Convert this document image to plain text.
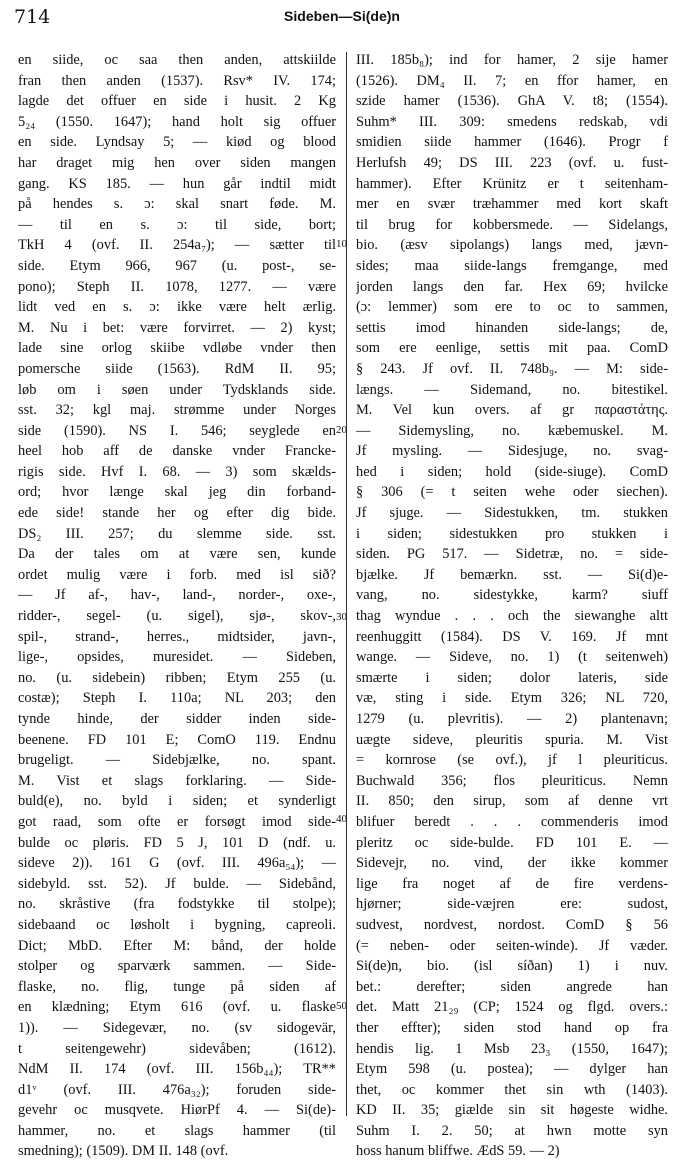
714	Sideben—Si(de)n
en siide, oc saa then anden, attskiilde
fran then anden (1537). Rsv* IV. 174;
lagde det offuer en side i husit. 2 Kg
5₂₄ (1550. 1647); hand holt sig offuer
en side. Lyndsay 5; — kiød og blood
har draget mig hen over siden mangen
gang. KS 185. — hun går indtil midt
på hendes s. ɔ: skal snart føde. M.
— til en s. ɔ: til side, bort;
TkH 4 (ovf. II. 254a₇); — sætter til
side. Etym 966, 967 (u. post-, se-
pono); Steph II. 1078, 1277. — være
lidt ved en s. ɔ: ikke være helt ærlig.
M. Nu i bet: være forvirret. — 2) kyst;
lade sine orlog skiibe vdløbe vnder then
pomersche siide (1563). RdM II. 95;
løb om i søen under Tydsklands side.
sst. 32; kgl maj. strømme under Norges
side (1590). NS I. 546; seyglede en
heel hob aff de danske vnder Francke-
rigis side. Hvf I. 68. — 3) som skælds-
ord; hvor længe skal jeg din forband-
ede side! stande her og efter dig bide.
DS₂ III. 257; du slemme side. sst.
Da der tales om at være sen, kunde
ordet mulig være i forb. med isl sið?
— Jf af-, hav-, land-, norder-, oxe-,
ridder-, segel- (u. sigel), sjø-, skov-,
spil-, strand-, herres., midtsider, javn-,
lige-, opsides, muresidet. — Sideben,
no. (u. sidebein) ribben; Etym 255 (u.
costæ); Steph I. 110a; NL 203; den
tynde hinde, der sidder inden side-
beenene. FD 101 E; ComO 119. Endnu
brugeligt. — Sidebjælke, no. spant.
M. Vist et slags forklaring. — Side-
buld(e), no. byld i siden; et synderligt
got raad, som ofte er forsøgt imod side-
bulde oc pløris. FD 5 J, 101 D (ndf. u.
sideve 2)). 161 G (ovf. III. 496a₅₄); —
sidebyld. sst. 52). Jf bulde. — Sidebånd,
no. skråstive (fra fodstykke til stolpe);
sidebaand oc løsholt i bygning, capreoli.
Dict; MbD. Efter M: bånd, der holde
stolper og sparværk sammen. — Side-
flaske, no. flig, tunge på siden af
en klædning; Etym 616 (ovf. u. flaske
1)). — Sidegevær, no. (sv sidogevär,
t seitengewehr) sidevåben; (1612).
NdM II. 174 (ovf. III. 156b₄₄); TR**
d1ᵛ (ovf. III. 476a₃₂); foruden side-
gevehr oc musqvete. HiørPf 4. — Si(de)-
hammer, no. et slags hammer (til
smedning); (1509). DM II. 148 (ovf.
III. 185b₈); ind for hamer, 2 sije hamer
(1526). DM₄ II. 7; en ffor hamer, en
szide hamer (1536). GhA V. t8; (1554).
Suhm* III. 309: smedens redskab, vdi
smidien siide hammer (1646). Progr f
Herlufsh 49; DS III. 223 (ovf. u. fust-
hammer). Efter Krünitz er t seitenham-
mer en svær træhammer med kort skaft
til brug for kobbersmede. — Sidelangs,
bio. (æsv sipolangs) langs med, jævn-
sides; maa siide-langs fremgange, med
jorden langs den far. Hex 69; hvilcke
(ɔ: lemmer) som ere to oc to sammen,
settis imod hinanden side-langs; de,
som ere eenlige, settis mit paa. ComD
§ 243. Jf ovf. II. 748b₉. — M: side-
længs. — Sidemand, no. bitestikel.
M. Vel kun overs. af gr παραστάτης.
— Sidemysling, no. kæbemuskel. M.
Jf mysling. — Sidesjuge, no. svag-
hed i siden; hold (side-siuge). ComD
§ 306 (= t seiten wehe oder siechen).
Jf sjuge. — Sidestukken, tm. stukken
i siden; sidestukken pro stukken i
siden. PG 517. — Sidetræ, no. = side-
bjælke. Jf bemærkn. sst. — Si(d)e-
vang, no. sidestykke, karm? siuff
thag wyndue . . . och the siewanghe altt
reenhuggitt (1584). DS V. 169. Jf mnt
wange. — Sideve, no. 1) (t seitenweh)
smærte i siden; dolor lateris, side
væ, sting i side. Etym 326; NL 720,
1279 (u. plevritis). — 2) plantenavn;
uægte sideve, pleuritis spuria. M. Vist
= kornrose (se ovf.), jf l pleuriticus.
Buchwald 356; flos pleuriticus. Nemn
II. 850; den sirup, som af denne vrt
blifuer beredt . . . commenderis imod
pleritz oc side-bulde. FD 101 E. —
Sidevejr, no. vind, der ikke kommer
lige fra noget af de fire verdens-
hjørner; side-væjren ere: sudost,
sudvest, nordvest, nordost. ComD § 56
(= neben- oder seiten-winde). Jf væder.
Si(de)n, bio. (isl síðan) 1) i nuv.
bet.: derefter; siden angrede han
det. Matt 21₂₉ (CP; 1524 og flgd. overs.:
ther effter); siden stod hand op fra
hendis lig. 1 Msb 23₃ (1550, 1647);
Etym 598 (u. postea); — dylger han
thet, oc kommer thet sin wth (1403).
KD II. 35; giælde sin sit høgeste widhe.
Suhm I. 2. 50; at hwn motte syn
hoss hanum bliffwe. ÆdS 59. — 2)
10
20
30
40
50
